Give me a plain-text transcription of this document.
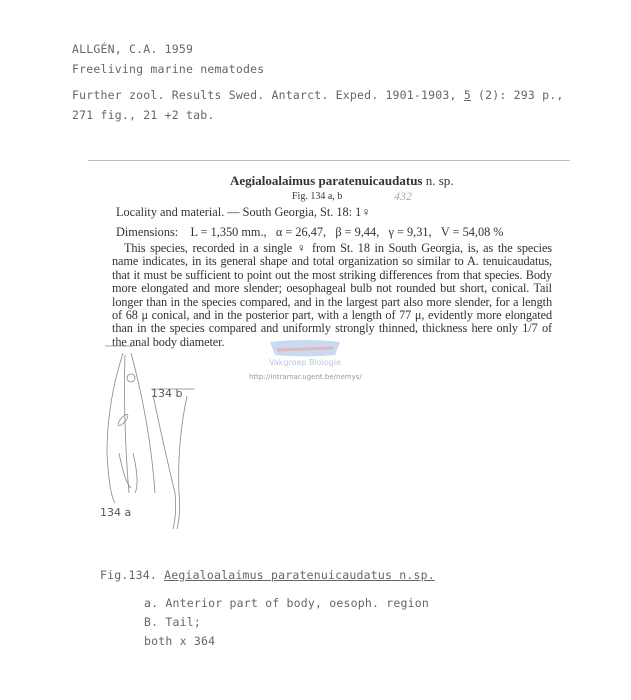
ALLGÉN, C.A. 1959
Freeliving marine nematodes
Further zool. Results Swed. Antarct. Exped. 1901-1903, 5 (2): 293 p.,
271 fig., 21 +2 tab.
Aegialoalaimus paratenuicaudatus n. sp.
Fig. 134 a, b	432
Locality and material. — South Georgia, St. 18: 1♀
Dimensions:    L = 1,350 mm.,   α = 26,47,   β = 9,44,   γ = 9,31,   V = 54,08 %
This species, recorded in a single ♀ from St. 18 in South Georgia, is, as the species name indicates, in its general shape and total organization so similar to A. tenuicaudatus, that it must be sufficient to point out the most striking differences from that species. Body more elongated and more slender; oesophageal bulb not rounded but short, conical. Tail longer than in the species compared, and in the largest part also more slender, for a length of 68 μ conical, and in the posterior part, with a length of 77 μ, evidently more elongated than in the species compared and uniformly strongly thinned, thickness here only 1/7 of the anal body diameter.
Vakgroep Biologie
http://intramar.ugent.be/nemys/
134 b
134 a
Fig.134. Aegialoalaimus paratenuicaudatus n.sp.
a. Anterior part of body, oesoph. region
B. Tail;
both x 364
